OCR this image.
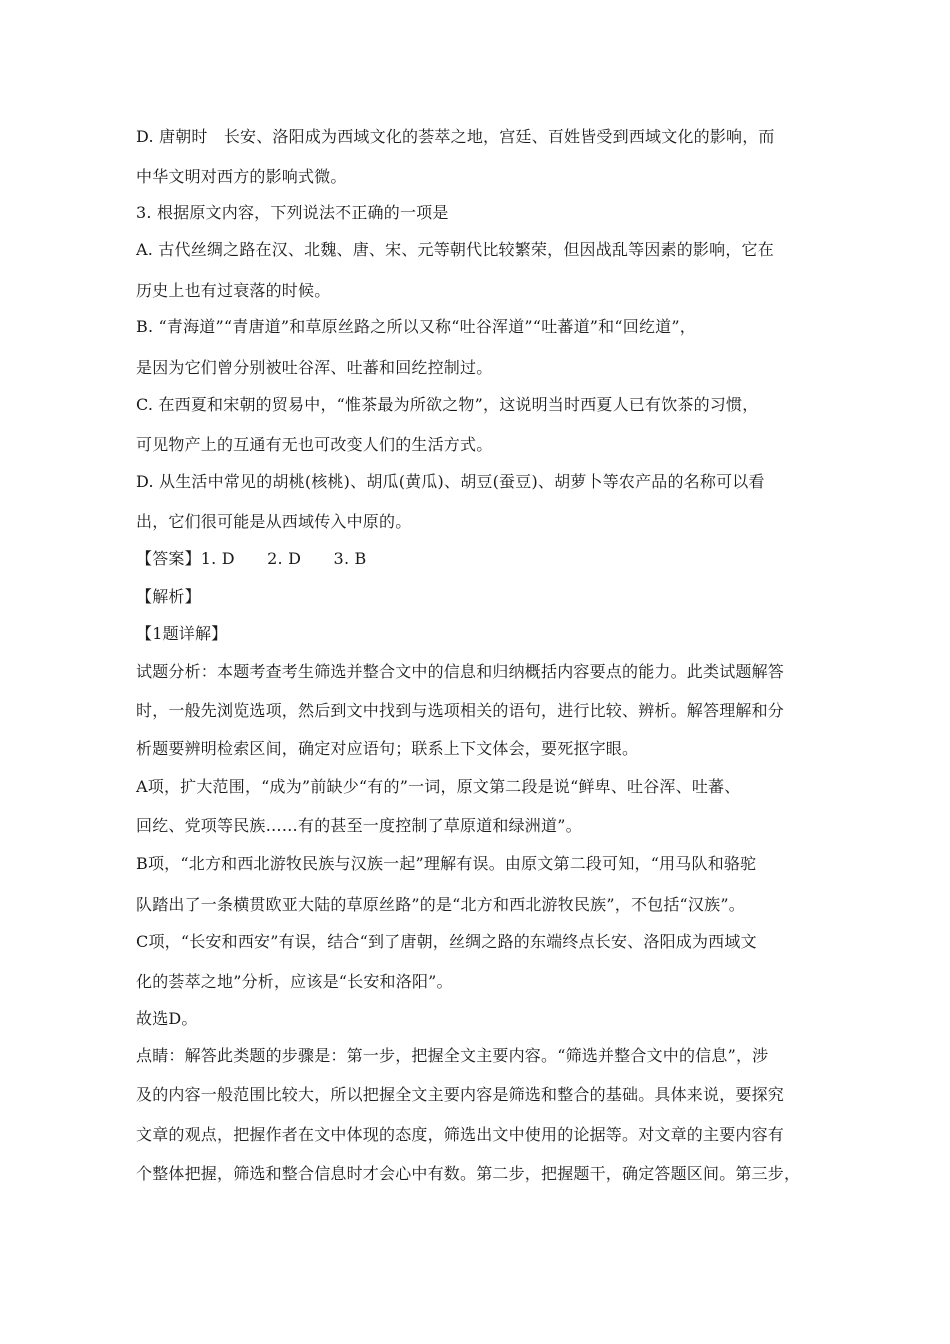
D. 唐朝时　长安、洛阳成为西域文化的荟萃之地，宫廷、百姓皆受到西域文化的影响，而
中华文明对西方的影响式微。
3. 根据原文内容，下列说法不正确的一项是
A. 古代丝绸之路在汉、北魏、唐、宋、元等朝代比较繁荣，但因战乱等因素的影响，它在
历史上也有过衰落的时候。
B. “青海道”“青唐道”和草原丝路之所以又称“吐谷浑道”“吐蕃道”和“回纥道”，
是因为它们曾分别被吐谷浑、吐蕃和回纥控制过。
C. 在西夏和宋朝的贸易中，“惟茶最为所欲之物”，这说明当时西夏人已有饮茶的习惯，
可见物产上的互通有无也可改变人们的生活方式。
D. 从生活中常见的胡桃(核桃)、胡瓜(黄瓜)、胡豆(蚕豆)、胡萝卜等农产品的名称可以看
出，它们很可能是从西域传入中原的。
【答案】1. D　　2. D　　3. B
【解析】
【1题详解】
试题分析：本题考查考生筛选并整合文中的信息和归纳概括内容要点的能力。此类试题解答
时，一般先浏览选项，然后到文中找到与选项相关的语句，进行比较、辨析。解答理解和分
析题要辨明检索区间，确定对应语句；联系上下文体会，要死抠字眼。
A项，扩大范围，“成为”前缺少“有的”一词，原文第二段是说“鲜卑、吐谷浑、吐蕃、
回纥、党项等民族……有的甚至一度控制了草原道和绿洲道”。
B项，“北方和西北游牧民族与汉族一起”理解有误。由原文第二段可知，“用马队和骆驼
队踏出了一条横贯欧亚大陆的草原丝路”的是“北方和西北游牧民族”，不包括“汉族”。
C项，“长安和西安”有误，结合“到了唐朝，丝绸之路的东端终点长安、洛阳成为西域文
化的荟萃之地”分析，应该是“长安和洛阳”。
故选D。
点睛：解答此类题的步骤是：第一步，把握全文主要内容。“筛选并整合文中的信息”，涉
及的内容一般范围比较大，所以把握全文主要内容是筛选和整合的基础。具体来说，要探究
文章的观点，把握作者在文中体现的态度，筛选出文中使用的论据等。对文章的主要内容有
个整体把握，筛选和整合信息时才会心中有数。第二步，把握题干，确定答题区间。第三步，
